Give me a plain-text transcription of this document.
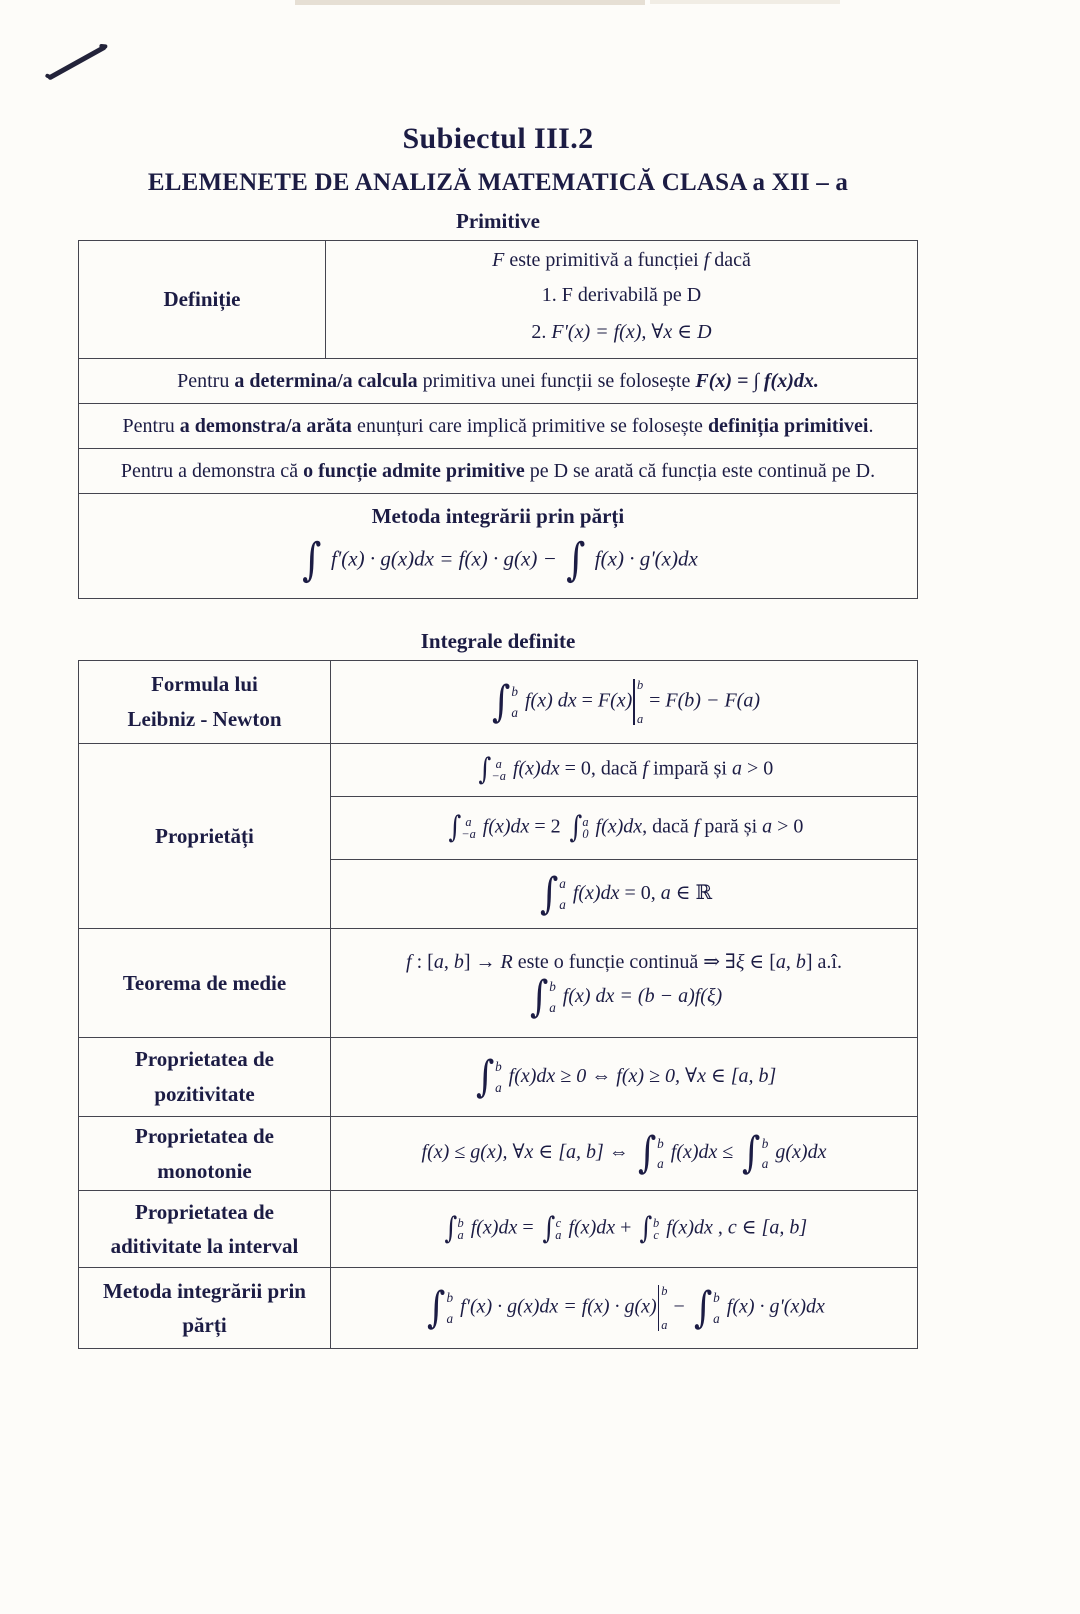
Subiectul III.2
ELEMENETE DE ANALIZĂ MATEMATICĂ CLASA a XII – a
Primitive
Definiție	
F este primitivă a funcției f dacă
1. F derivabilă pe D
2. F'(x) = f(x), ∀x ∈ D

Pentru a determina/a calcula primitiva unei funcții se folosește F(x) = ∫ f(x)dx.
Pentru a demonstra/a arăta enunțuri care implică primitive se folosește definiția primitivei.
Pentru a demonstra că o funcție admite primitive pe D se arată că funcția este continuă pe D.

Metoda integrării prin părți
∫ f'(x) · g(x)dx = f(x) · g(x) − ∫ f(x) · g'(x)dx
Integrale definite
Formula lui
Leibniz - Newton	∫ b
a
f(x) dx = F(x)
b
a
= F(b) − F(a)
Proprietăți	∫ a
−a f(x)dx = 0, dacă f impară și a > 0

∫ a
−a f(x)dx = 2 ∫ a
0 f(x)dx, dacă f pară și a > 0

	∫ a
a
f(x)dx = 0, a ∈ ℝ
Teorema de medie	f : [a, b] → R este o funcție continuă ⇒ ∃ξ ∈ [a, b] a.î.
∫ b
a
f(x) dx = (b − a)f(ξ)

Proprietatea de
pozitivitate	∫ b
a
f(x)dx ≥ 0 ⇔ f(x) ≥ 0, ∀x ∈ [a, b]

Proprietatea de
monotonie
	f(x) ≤ g(x), ∀x ∈ [a, b] ⇔ ∫ b
a
f(x)dx ≤ ∫ b
a
g(x)dx

Proprietatea de
aditivitate la interval	∫ b
a f(x)dx = ∫ c
a f(x)dx + ∫ b
c f(x)dx , c ∈ [a, b]

Metoda integrării prin
părți	∫ b
a
f'(x) · g(x)dx = f(x) · g(x)
b
a
− ∫ b
a
f(x) · g'(x)dx
